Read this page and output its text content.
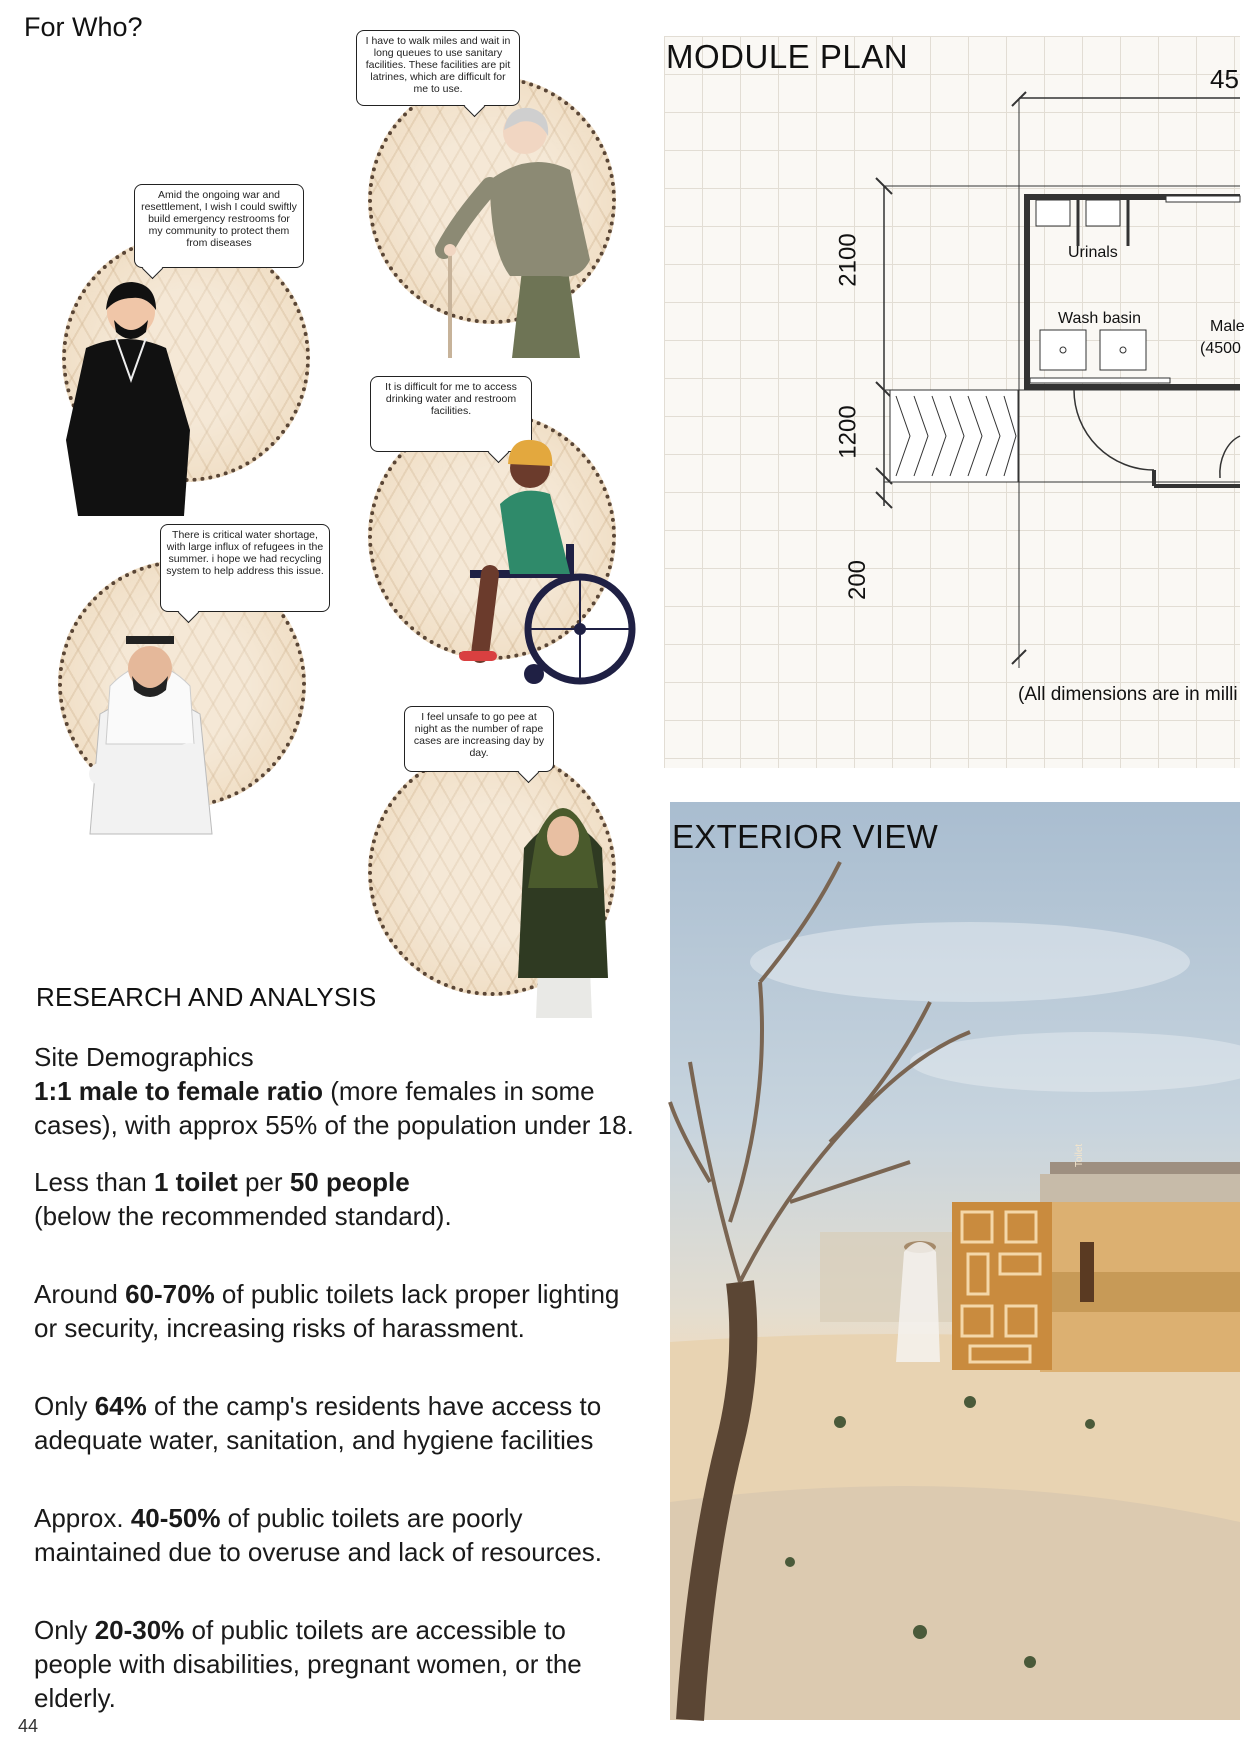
For Who?	I have to walk miles and wait in long queues to use sanitary facilities. These facilities are pit latrines, which are difficult for me to use.
Amid the ongoing war and resettlement, I wish I could swiftly build emergency restrooms for my community to protect them from diseases
It is difficult for me to access drinking water and restroom facilities.
There is critical water shortage, with large influx of refugees in the summer. i hope we had recycling system to help address this issue.
I feel unsafe to go pee at night as the number of rape cases are increasing day by day.
RESEARCH AND ANALYSIS

Site Demographics
1:1 male to female ratio (more females in some cases), with approx 55% of the population under 18.

Less than 1 toilet per 50 people
(below the recommended standard).

Around 60-70% of public toilets lack proper lighting or security, increasing risks of harassment.

Only 64% of the camp's residents have access to adequate water, sanitation, and hygiene facilities

Approx. 40-50% of public toilets are poorly maintained due to overuse and lack of resources.

Only 20-30% of public toilets are accessible to people with disabilities, pregnant women, or the elderly.

44
45
2100
1200
200
Urinals
Wash basin	Male
(4500
(All dimensions are in milli
MODULE PLAN
Toilet
EXTERIOR VIEW
